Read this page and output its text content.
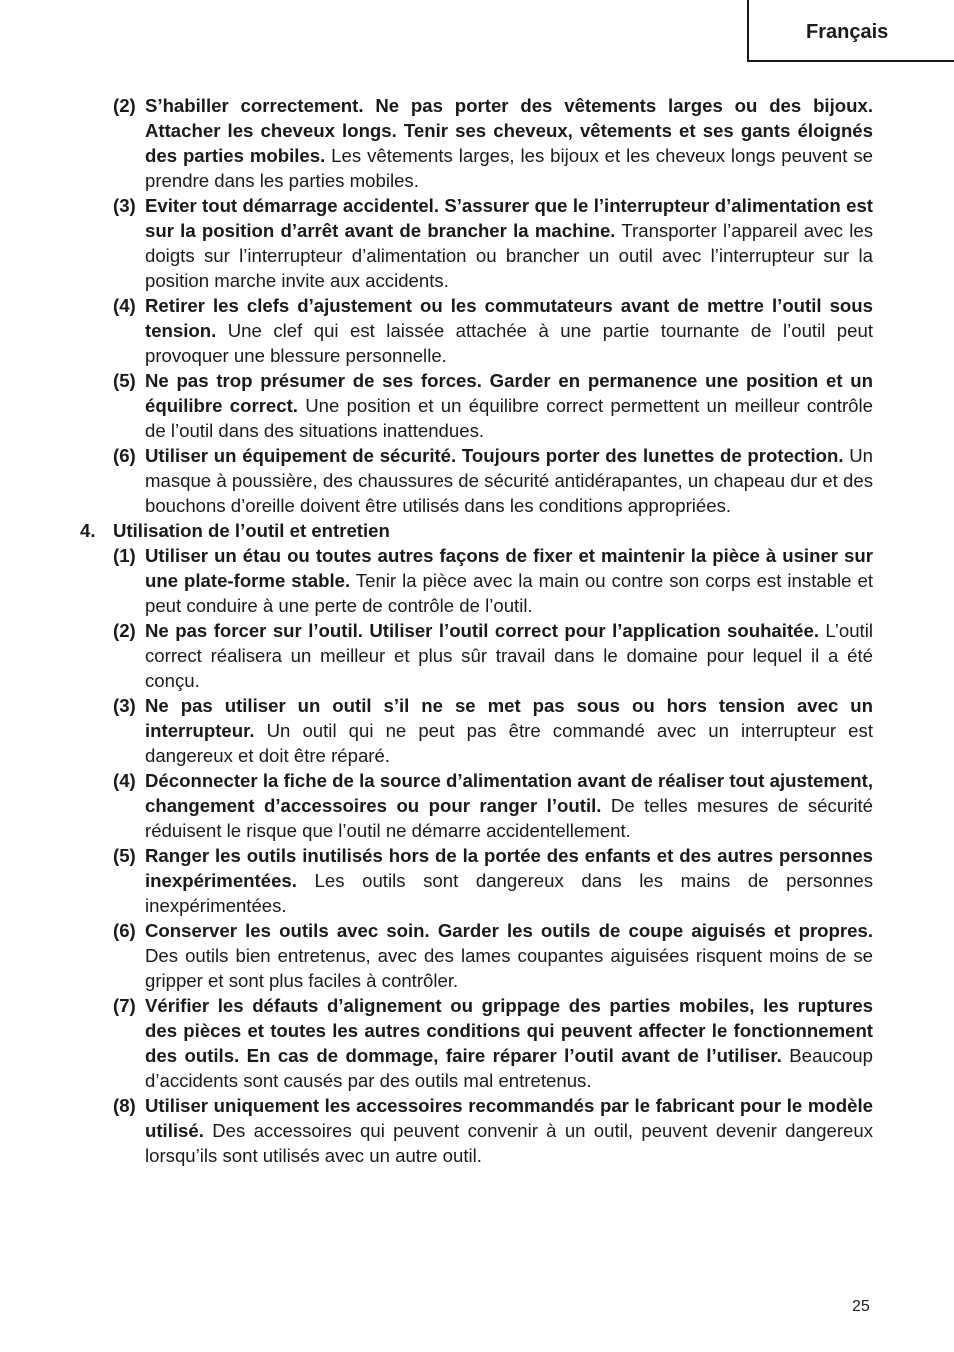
Français
(2) S’habiller correctement. Ne pas porter des vêtements larges ou des bijoux. Attacher les cheveux longs. Tenir ses cheveux, vêtements et ses gants éloignés des parties mobiles. Les vêtements larges, les bijoux et les cheveux longs peuvent se prendre dans les parties mobiles.
(3) Eviter tout démarrage accidentel. S’assurer que le l’interrupteur d’alimentation est sur la position d’arrêt avant de brancher la machine. Transporter l’appareil avec les doigts sur l’interrupteur d’alimentation ou brancher un outil avec l’interrupteur sur la position marche invite aux accidents.
(4) Retirer les clefs d’ajustement ou les commutateurs avant de mettre l’outil sous tension. Une clef qui est laissée attachée à une partie tournante de l’outil peut provoquer une blessure personnelle.
(5) Ne pas trop présumer de ses forces. Garder en permanence une position et un équilibre correct. Une position et un équilibre correct permettent un meilleur contrôle de l’outil dans des situations inattendues.
(6) Utiliser un équipement de sécurité. Toujours porter des lunettes de protection. Un masque à poussière, des chaussures de sécurité antidérapantes, un chapeau dur et des bouchons d’oreille doivent être utilisés dans les conditions appropriées.
4. Utilisation de l’outil et entretien
(1) Utiliser un étau ou toutes autres façons de fixer et maintenir la pièce à usiner sur une plate-forme stable. Tenir la pièce avec la main ou contre son corps est instable et peut conduire à une perte de contrôle de l’outil.
(2) Ne pas forcer sur l’outil. Utiliser l’outil correct pour l’application souhaitée. L’outil correct réalisera un meilleur et plus sûr travail dans le domaine pour lequel il a été conçu.
(3) Ne pas utiliser un outil s’il ne se met pas sous ou hors tension avec un interrupteur. Un outil qui ne peut pas être commandé avec un interrupteur est dangereux et doit être réparé.
(4) Déconnecter la fiche de la source d’alimentation avant de réaliser tout ajustement, changement d’accessoires ou pour ranger l’outil. De telles mesures de sécurité réduisent le risque que l’outil ne démarre accidentellement.
(5) Ranger les outils inutilisés hors de la portée des enfants et des autres personnes inexpérimentées. Les outils sont dangereux dans les mains de personnes inexpérimentées.
(6) Conserver les outils avec soin. Garder les outils de coupe aiguisés et propres. Des outils bien entretenus, avec des lames coupantes aiguisées risquent moins de se gripper et sont plus faciles à contrôler.
(7) Vérifier les défauts d’alignement ou grippage des parties mobiles, les ruptures des pièces et toutes les autres conditions qui peuvent affecter le fonctionnement des outils. En cas de dommage, faire réparer l’outil avant de l’utiliser. Beaucoup d’accidents sont causés par des outils mal entretenus.
(8) Utiliser uniquement les accessoires recommandés par le fabricant pour le modèle utilisé. Des accessoires qui peuvent convenir à un outil, peuvent devenir dangereux lorsqu’ils sont utilisés avec un autre outil.
25
